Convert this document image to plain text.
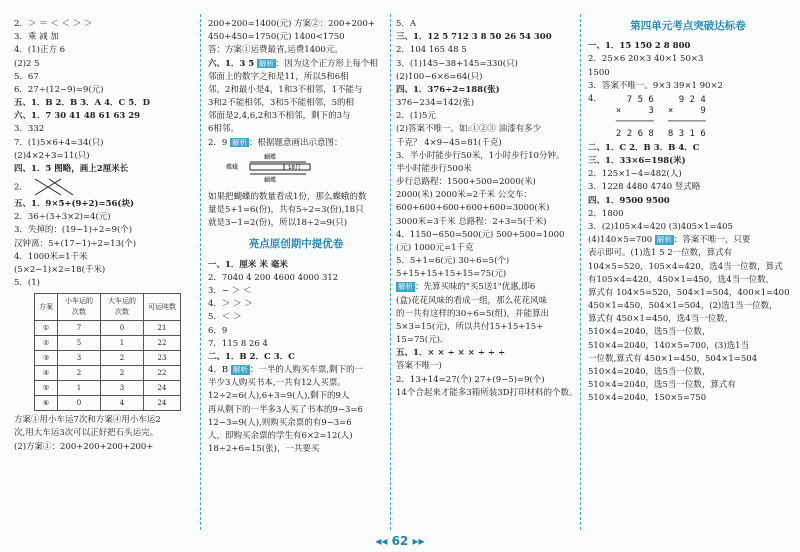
2．＞ ＝ ＜ ＜ ＞ ＞

3．乘 减 加

4．(1)正方 6

(2)2 5

5．67

6．27÷(12−9)=9(元)

五、1．B 2．B 3．A 4．C 5．D

六、1．7 30 41 48 61 63 29

3．332

7．(1)5×6+4=34(只)

(2)4×2+3=11(只)

四、1．5 图略，画上2厘米长

2．

五、1．9×5+(9+2)=56(块)

2．36÷(3+3×2)=4(元)

3．失掉的：(19−1)÷2=9(个)

汉钟离：5+(17−1)÷2=13(个)

4．1000米=1千米

(5×2−1)×2=18(千米)

5．(1)

方案	小车运的次数	大车运的次数	可运吨数
①	7	0	21
②	5	1	22
③	3	2	23
④	2	2	22
⑤	1	3	24
⑥	0	4	24

方案①用小车运7次和方案④用小车运2

次,用大车运3次可以正好把石头运完。

(2)方案①：200+200+200+200+

200+200=1400(元) 方案②：200+200+

450+450=1750(元) 1400<1750

答：方案①运费最省,运费1400元。

六、1．3 5 解析 ：因为这个正方形上每个相

邻面上的数字之和是11，所以5和6相

邻，2和最小是4，1和3不相邻，1不能与

3和2不能相邻，3和5不能相邻，5的相

邻面是2,4,6,2和3不相邻，剩下的3与

6相邻。

2．9 解析 ：根据题意画出示意图：

蝴蝶
蝶蛾	18只
蝴蝶

如果把蝴蝶的数量看成1份，那么蝶蛾的数

量是5+1=6(份)，共有5÷2=3(份),18只

就是3−1=2(份)，所以18÷2=9(只)

亮点原创期中提优卷

一、1．厘米 米 毫米

2．7040 4 200 4600 4000 312

3．− ＞ ＜

4．＞ ＞ ＞

5．＜ ＞

6．9

7．115 8 26 4

二、1．B 2．C 3．C

4．B 解析 ：一半的人购买车票,剩下的一

半少3人购买书本,一共有12人买票。

12÷2=6(人),6+3=9(人),剩下的9人

再从剩下的一半多3人买了书本的9−3=6

12−3=9(人),则购买余票的有9−3=6

人，即购买余票的学生有6×2=12(人)

18÷2+6=15(张)，一共要买

5．A

三、1．12 5 712 3 8 50 26 54 300

2．104 165 48 5

3．(1)145−38+145=330(只)

(2)100−6×6=64(只)

四、1．376÷2=188(张)

376−234=142(张)

2．(1)5元

(2)答案不唯一。如:①②③ 油漆有多少

千克？ 4×9−45=81(千克)

3．半小时能步行50米，1小时步行10分钟。

半小时能步行500米

步行总路程：1500+500=2000(米)

2000(米) 2000米=2千米 公交车：

600+600+600+600+600=3000(米)

3000米=3千米 总路程：2+3=5(千米)

4．1150−650=500(元) 500+500=1000

(元) 1000元=1千克

5．5+1=6(元) 30÷6=5(个)

5+15+15+15+15=75(元)

解析 ：先算买味的"买5送1"优惠,即6

(盒)花花风味的看成一组，那么花花风味

的一共有这样的30÷6=5(组)，并能算出

5×3=15(元)，所以共付15+15+15+

15=75(元)。

五、1．× × ÷ × × ÷ ÷ ÷

答案不唯一)

2．13+14=27(个) 27+(9−5)=9(个)

14个合起来才能多3箱所装3D打印材料的个数。

第四单元考点突破达标卷

一、1．15 150 2 8 800

2．25×6 20×3 40×1 50×3

1500

3．答案不唯一。9×3 39×1 90×2

4．	7 5 6
×     3
───────
2 2 6 8
9 2 4
×     9
───────
8 3 1 6

二、1．C 2．B 3．B 4．C

三、1．33×6=198(米)

2．125×1−4=482(人)

3．1228 4480 4740 竖式略

四、1．9500 9500

2．1800

3．(2)105×4=420 (3)405×1=405

(4)140×5=700 解析 ：答案不唯一，只要

表示即可。(1)选1 5 2一位数，算式有

104×5=520，105×4=420，选4当一位数，算式

有105×4=420，450×1=450，选4当一位数，

算式有 104×5=520，504×1=504，400×1=400

450×1=450，504×1=504，(2)选1当一位数，

算式有 450×1=450，选4当一位数，

510×4=2040，选5当一位数，

510×4=2040，140×5=700，(3)选1当

一位数,算式有 450×1=450，504×1=504

510×4=2040，选5当一位数，

510×4=2040，选5当一位数，算式有

510×4=2040，150×5=750

◂◂ 62 ▸▸
